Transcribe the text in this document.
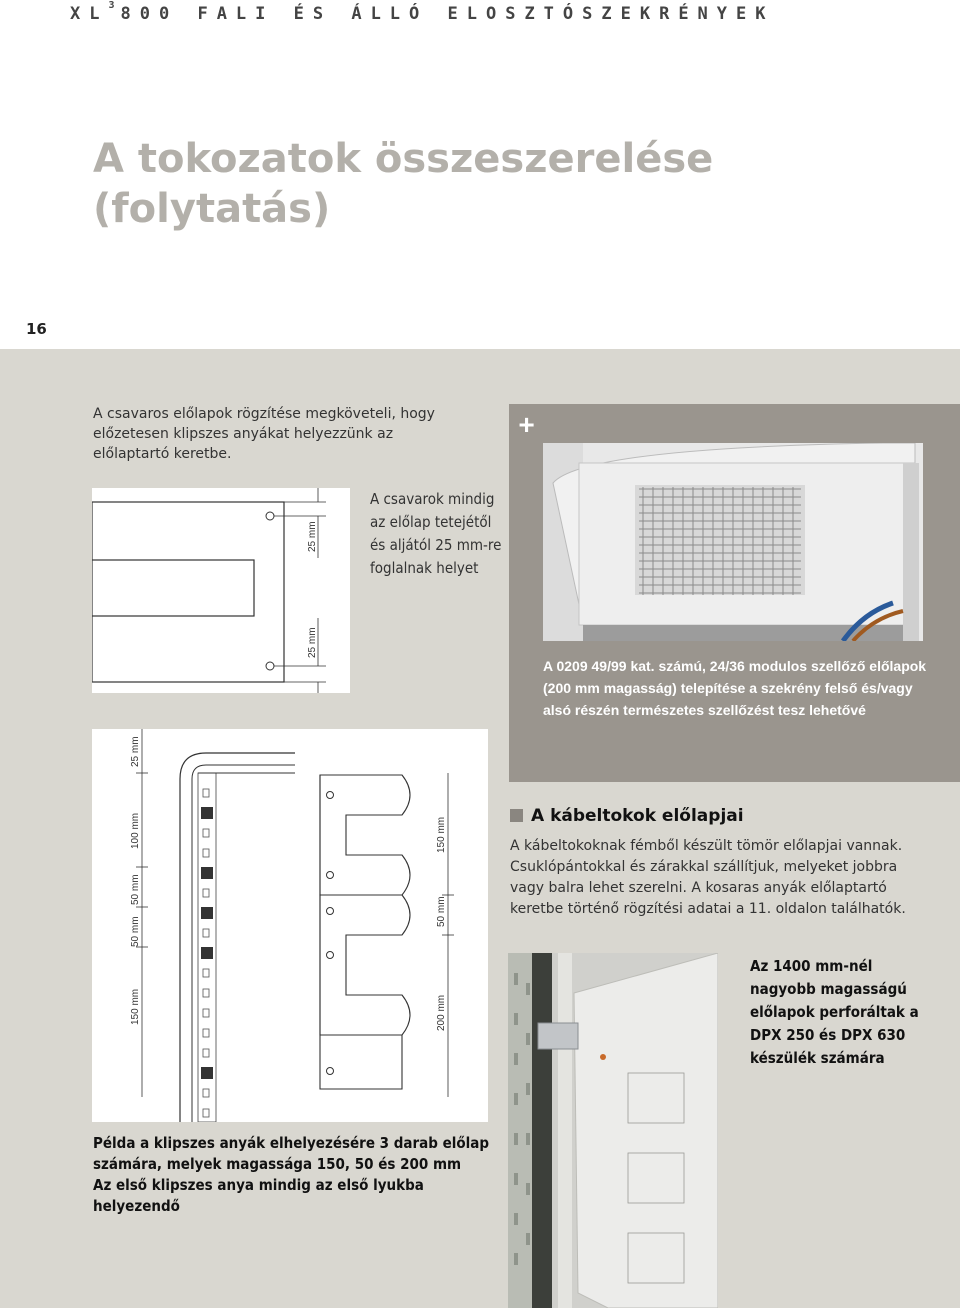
$XL^3$ 800 FALI ÉS ÁLLÓ ELOSZTÓSZEKRÉNYEK
A tokozatok összeszerelése
(folytatás)
16
A csavaros előlapok rögzítése megköveteli, hogy előzetesen klipszes anyákat helyezzünk az előlaptartó keretbe.
+
A 0209 49/99 kat. számú, 24/36 modulos szellőző előlapok (200 mm magasság) telepítése a szekrény felső és/vagy alsó részén természetes szellőzést tesz lehetővé
25 mm
25 mm
A csavarok mindig az előlap tetejétől és aljától 25 mm-re foglalnak helyet
25 mm
100 mm
50 mm
50 mm
150 mm
150 mm
50 mm
200 mm
Példa a klipszes anyák elhelyezésére 3 darab előlap
számára, melyek magassága 150, 50 és 200 mm
Az első klipszes anya mindig az első lyukba helyezendő
A kábeltokok előlapjai
A kábeltokoknak fémből készült tömör előlapjai vannak. Csuklópántokkal és zárakkal szállítjuk, melyeket jobbra vagy balra lehet szerelni. A kosaras anyák előlaptartó keretbe történő rögzítési adatai a 11. oldalon találhatók.
Az 1400 mm-nél nagyobb magasságú előlapok perforáltak a DPX 250 és DPX 630 készülék számára
